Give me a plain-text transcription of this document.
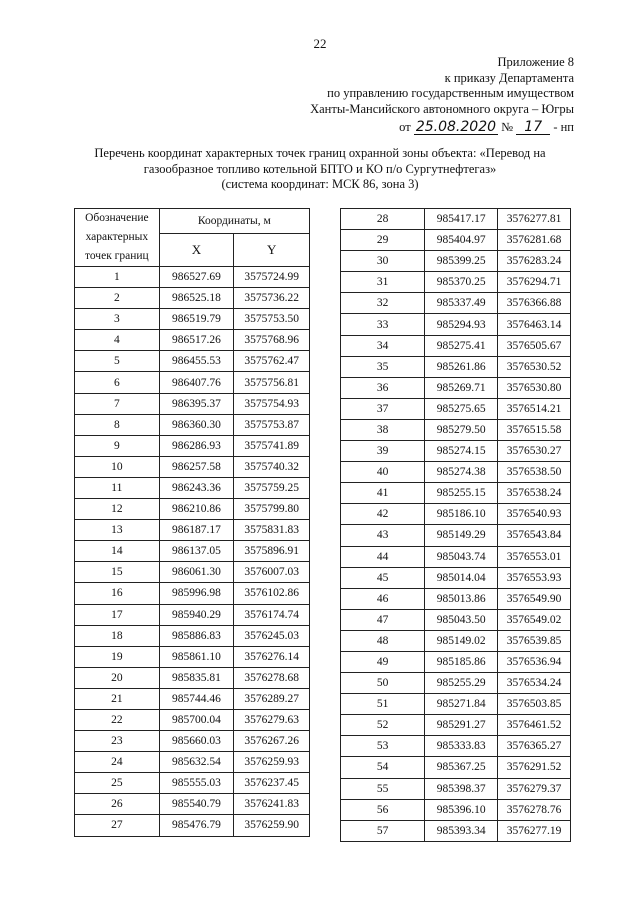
22
Приложение 8
к приказу Департамента
по управлению государственным имуществом
Ханты-Мансийского автономного округа – Югры
от 25.08.2020 № 17 - нп
Перечень координат характерных точек границ охранной зоны объекта: «Перевод на
газообразное топливо котельной БПТО и КО п/о Сургутнефтегаз»
(система координат: МСК 86, зона 3)
Обозначение
характерных
точек границ	Координаты, м	
	X	Y
1	986527.69	3575724.99
2	986525.18	3575736.22
3	986519.79	3575753.50
4	986517.26	3575768.96
5	986455.53	3575762.47
6	986407.76	3575756.81
7	986395.37	3575754.93
8	986360.30	3575753.87
9	986286.93	3575741.89
10	986257.58	3575740.32
11	986243.36	3575759.25
12	986210.86	3575799.80
13	986187.17	3575831.83
14	986137.05	3575896.91
15	986061.30	3576007.03
16	985996.98	3576102.86
17	985940.29	3576174.74
18	985886.83	3576245.03
19	985861.10	3576276.14
20	985835.81	3576278.68
21	985744.46	3576289.27
22	985700.04	3576279.63
23	985660.03	3576267.26
24	985632.54	3576259.93
25	985555.03	3576237.45
26	985540.79	3576241.83
27	985476.79	3576259.90
28	985417.17	3576277.81
29	985404.97	3576281.68
30	985399.25	3576283.24
31	985370.25	3576294.71
32	985337.49	3576366.88
33	985294.93	3576463.14
34	985275.41	3576505.67
35	985261.86	3576530.52
36	985269.71	3576530.80
37	985275.65	3576514.21
38	985279.50	3576515.58
39	985274.15	3576530.27
40	985274.38	3576538.50
41	985255.15	3576538.24
42	985186.10	3576540.93
43	985149.29	3576543.84
44	985043.74	3576553.01
45	985014.04	3576553.93
46	985013.86	3576549.90
47	985043.50	3576549.02
48	985149.02	3576539.85
49	985185.86	3576536.94
50	985255.29	3576534.24
51	985271.84	3576503.85
52	985291.27	3576461.52
53	985333.83	3576365.27
54	985367.25	3576291.52
55	985398.37	3576279.37
56	985396.10	3576278.76
57	985393.34	3576277.19
